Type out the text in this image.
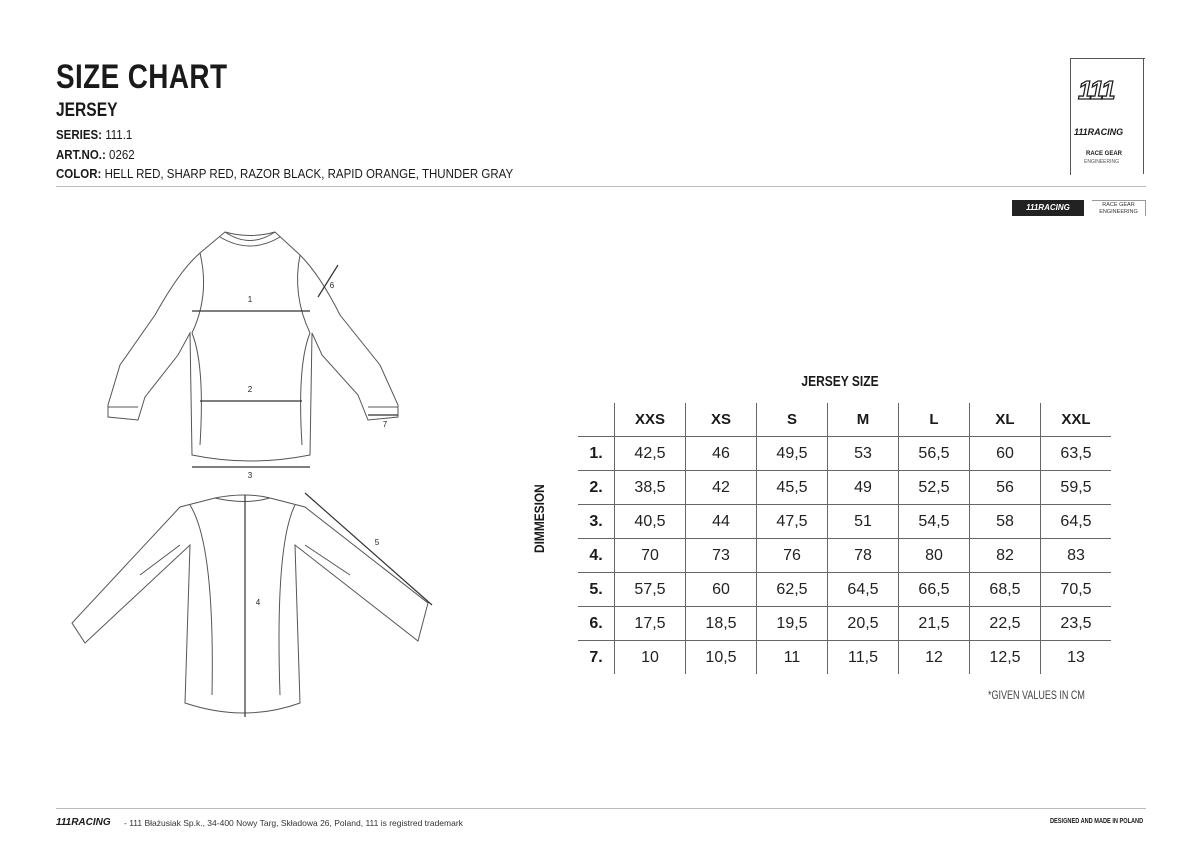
SIZE CHART
JERSEY
SERIES: 111.1
ART.NO.: 0262
COLOR: HELL RED, SHARP RED, RAZOR BLACK, RAPID ORANGE, THUNDER GRAY
111
111RACING
RACE GEAR
ENGINEERING
111RACING	RACE GEAR
ENGINEERING
1
2
3
4
5
6
7
JERSEY SIZE
DIMMESION
	XXS	XS	S	M	L	XL	XXL
1.	42,5	46	49,5	53	56,5	60	63,5
2.	38,5	42	45,5	49	52,5	56	59,5
3.	40,5	44	47,5	51	54,5	58	64,5
4.	70	73	76	78	80	82	83
5.	57,5	60	62,5	64,5	66,5	68,5	70,5
6.	17,5	18,5	19,5	20,5	21,5	22,5	23,5
7.	10	10,5	11	11,5	12	12,5	13
*GIVEN VALUES IN CM
111RACING - 111 Błażusiak Sp.k., 34-400 Nowy Targ, Składowa 26, Poland, 111 is registred trademark	DESIGNED AND MADE IN POLAND
